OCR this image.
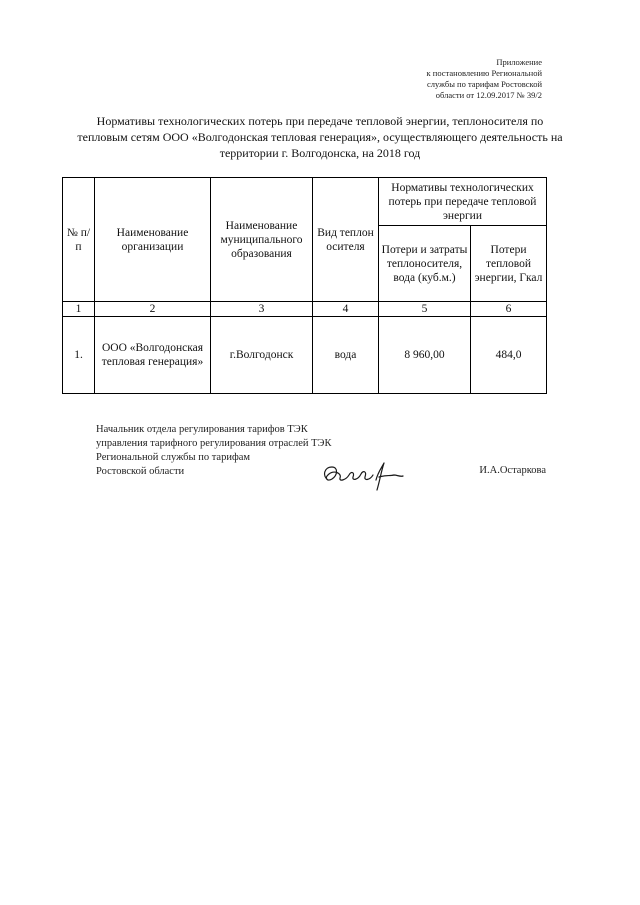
Приложение
к постановлению Региональной
службы по тарифам Ростовской
области от 12.09.2017 № 39/2
Нормативы технологических потерь при передаче тепловой энергии, теплоносителя по
тепловым сетям ООО «Волгодонская тепловая генерация», осуществляющего деятельность на
территории г. Волгодонска, на 2018 год
№ п/п	Наименование организации	Наименование муниципального образования	Вид теплоносителя	Нормативы технологических потерь при передаче тепловой энергии	
				Потери и затраты теплоносителя, вода (куб.м.)	Потери тепловой энергии, Гкал
1	2	3	4	5	6
1.	ООО «Волгодонская тепловая генерация»	г.Волгодонск	вода	8 960,00	484,0
Начальник отдела регулирования тарифов ТЭК
управления тарифного регулирования отраслей ТЭК
Региональной службы по тарифам
Ростовской области	И.А.Остаркова
